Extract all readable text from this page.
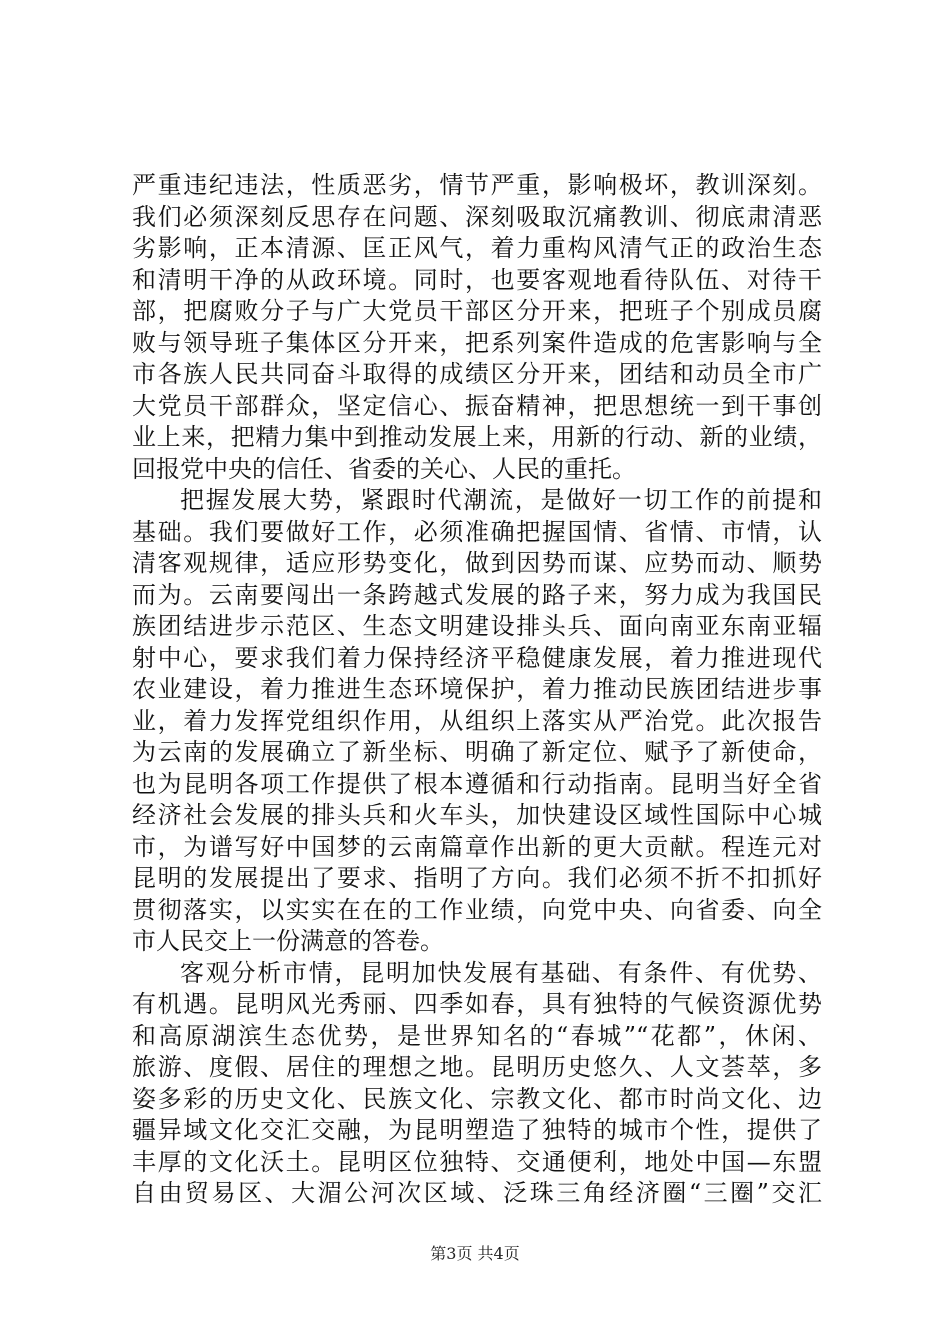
严重违纪违法，性质恶劣，情节严重，影响极坏，教训深刻。
我们必须深刻反思存在问题、深刻吸取沉痛教训、彻底肃清恶
劣影响，正本清源、匡正风气，着力重构风清气正的政治生态
和清明干净的从政环境。同时，也要客观地看待队伍、对待干
部，把腐败分子与广大党员干部区分开来，把班子个别成员腐
败与领导班子集体区分开来，把系列案件造成的危害影响与全
市各族人民共同奋斗取得的成绩区分开来，团结和动员全市广
大党员干部群众，坚定信心、振奋精神，把思想统一到干事创
业上来，把精力集中到推动发展上来，用新的行动、新的业绩，
回报党中央的信任、省委的关心、人民的重托。
把握发展大势，紧跟时代潮流，是做好一切工作的前提和
基础。我们要做好工作，必须准确把握国情、省情、市情，认
清客观规律，适应形势变化，做到因势而谋、应势而动、顺势
而为。云南要闯出一条跨越式发展的路子来，努力成为我国民
族团结进步示范区、生态文明建设排头兵、面向南亚东南亚辐
射中心，要求我们着力保持经济平稳健康发展，着力推进现代
农业建设，着力推进生态环境保护，着力推动民族团结进步事
业，着力发挥党组织作用，从组织上落实从严治党。此次报告
为云南的发展确立了新坐标、明确了新定位、赋予了新使命，
也为昆明各项工作提供了根本遵循和行动指南。昆明当好全省
经济社会发展的排头兵和火车头，加快建设区域性国际中心城
市，为谱写好中国梦的云南篇章作出新的更大贡献。程连元对
昆明的发展提出了要求、指明了方向。我们必须不折不扣抓好
贯彻落实，以实实在在的工作业绩，向党中央、向省委、向全
市人民交上一份满意的答卷。
客观分析市情，昆明加快发展有基础、有条件、有优势、
有机遇。昆明风光秀丽、四季如春，具有独特的气候资源优势
和高原湖滨生态优势，是世界知名的“春城”“花都”，休闲、
旅游、度假、居住的理想之地。昆明历史悠久、人文荟萃，多
姿多彩的历史文化、民族文化、宗教文化、都市时尚文化、边
疆异域文化交汇交融，为昆明塑造了独特的城市个性，提供了
丰厚的文化沃土。昆明区位独特、交通便利，地处中国—东盟
自由贸易区、大湄公河次区域、泛珠三角经济圈“三圈”交汇
第3页 共4页
